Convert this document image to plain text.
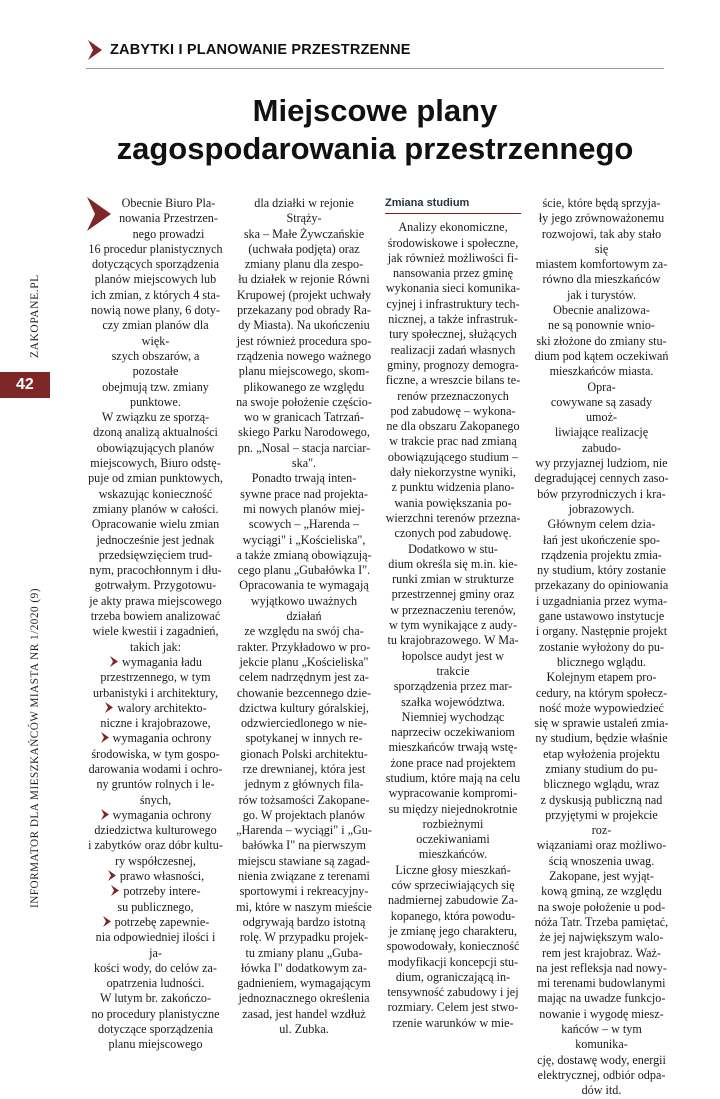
ZABYTKI I PLANOWANIE PRZESTRZENNE
Miejscowe plany
zagospodarowania przestrzennego
ZAKOPANE.PL
INFORMATOR DLA MIESZKAŃCÓW MIASTA NR 1/2020 (9)
42

Obecnie Biuro Pla-
nowania Przestrzen-
nego prowadzi
16 procedur planistycznych
dotyczących sporządzenia
planów miejscowych lub
ich zmian, z których 4 sta-
nowią nowe plany, 6 doty-
czy zmian planów dla więk-
szych obszarów, a pozostałe
obejmują tzw. zmiany
punktowe.

W związku ze sporzą-
dzoną analizą aktualności
obowiązujących planów
miejscowych, Biuro odstę-
puje od zmian punktowych,
wskazując konieczność
zmiany planów w całości.
Opracowanie wielu zmian
jednocześnie jest jednak
przedsięwzięciem trud-
nym, pracochłonnym i dłu-
gotrwałym. Przygotowu-
je akty prawa miejscowego
trzeba bowiem analizować
wiele kwestii i zagadnień,
takich jak:

wymagania ładu
przestrzennego, w tym
urbanistyki i architektury,

walory architekto-
niczne i krajobrazowe,

wymagania ochrony
środowiska, w tym gospo-
darowania wodami i ochro-
ny gruntów rolnych i le-
śnych,

wymagania ochrony
dziedzictwa kulturowego
i zabytków oraz dóbr kultu-
ry współczesnej,

prawo własności,

potrzeby intere-
su publicznego,

potrzebę zapewnie-
nia odpowiedniej ilości i ja-
kości wody, do celów za-
opatrzenia ludności.

W lutym br. zakończo-
no procedury planistyczne
dotyczące sporządzenia
planu miejscowego

dla działki w rejonie Strąży-
ska – Małe Żywczańskie
(uchwała podjęta) oraz
zmiany planu dla zespo-
łu działek w rejonie Równi
Krupowej (projekt uchwały
przekazany pod obrady Ra-
dy Miasta). Na ukończeniu
jest również procedura spo-
rządzenia nowego ważnego
planu miejscowego, skom-
plikowanego ze względu
na swoje położenie częścio-
wo w granicach Tatrzań-
skiego Parku Narodowego,
pn. „Nosal – stacja narciar-
ska".

Ponadto trwają inten-
sywne prace nad projekta-
mi nowych planów miej-
scowych – „Harenda –
wyciągi" i „Kościeliska",
a także zmianą obowiązują-
cego planu „Gubałówka I".
Opracowania te wymagają
wyjątkowo uważnych działań
ze względu na swój cha-
rakter. Przykładowo w pro-
jekcie planu „Kościeliska"
celem nadrzędnym jest za-
chowanie bezcennego dzie-
dzictwa kultury góralskiej,
odzwierciedlonego w nie-
spotykanej w innych re-
gionach Polski architektu-
rze drewnianej, która jest
jednym z głównych fila-
rów tożsamości Zakopane-
go. W projektach planów
„Harenda – wyciągi" i „Gu-
bałówka I" na pierwszym
miejscu stawiane są zagad-
nienia związane z terenami
sportowymi i rekreacyjny-
mi, które w naszym mieście
odgrywają bardzo istotną
rolę. W przypadku projek-
tu zmiany planu „Guba-
łówka I" dodatkowym za-
gadnieniem, wymagającym
jednoznacznego określenia
zasad, jest handel wzdłuż
ul. Zubka.

Zmiana studium

Analizy ekonomiczne,
środowiskowe i społeczne,
jak również możliwości fi-
nansowania przez gminę
wykonania sieci komunika-
cyjnej i infrastruktury tech-
nicznej, a także infrastruk-
tury społecznej, służących
realizacji zadań własnych
gminy, prognozy demogra-
ficzne, a wreszcie bilans te-
renów przeznaczonych
pod zabudowę – wykona-
ne dla obszaru Zakopanego
w trakcie prac nad zmianą
obowiązującego studium –
dały niekorzystne wyniki,
z punktu widzenia plano-
wania powiększania po-
wierzchni terenów przezna-
czonych pod zabudowę.

Dodatkowo w stu-
dium określa się m.in. kie-
runki zmian w strukturze
przestrzennej gminy oraz
w przeznaczeniu terenów,
w tym wynikające z audy-
tu krajobrazowego. W Ma-
łopolsce audyt jest w trakcie
sporządzenia przez mar-
szałka województwa.

Niemniej wychodząc
naprzeciw oczekiwaniom
mieszkańców trwają wstę-
żone prace nad projektem
studium, które mają na celu
wypracowanie kompromi-
su między niejednokrotnie
rozbieżnymi oczekiwaniami
mieszkańców.

Liczne głosy mieszkań-
ców sprzeciwiających się
nadmiernej zabudowie Za-
kopanego, która powodu-
je zmianę jego charakteru,
spowodowały, konieczność
modyfikacji koncepcji stu-
dium, ograniczającą in-
tensywność zabudowy i jej
rozmiary. Celem jest stwo-
rzenie warunków w mie-

ście, które będą sprzyja-
ły jego zrównoważonemu
rozwojowi, tak aby stało się
miastem komfortowym za-
równo dla mieszkańców
jak i turystów.

Obecnie analizowa-
ne są ponownie wnio-
ski złożone do zmiany stu-
dium pod kątem oczekiwań
mieszkańców miasta. Opra-
cowywane są zasady umoż-
liwiające realizację zabudo-
wy przyjaznej ludziom, nie
degradującej cennych zaso-
bów przyrodniczych i kra-
jobrazowych.

Głównym celem dzia-
łań jest ukończenie spo-
rządzenia projektu zmia-
ny studium, który zostanie
przekazany do opiniowania
i uzgadniania przez wyma-
gane ustawowo instytucje
i organy. Następnie projekt
zostanie wyłożony do pu-
blicznego wglądu.

Kolejnym etapem pro-
cedury, na którym społecz-
ność może wypowiedzieć
się w sprawie ustaleń zmia-
ny studium, będzie właśnie
etap wyłożenia projektu
zmiany studium do pu-
blicznego wglądu, wraz
z dyskusją publiczną nad
przyjętymi w projekcie roz-
wiązaniami oraz możliwo-
ścią wnoszenia uwag.

Zakopane, jest wyjąt-
kową gminą, ze względu
na swoje położenie u pod-
nóża Tatr. Trzeba pamiętać,
że jej największym walo-
rem jest krajobraz. Waż-
na jest refleksja nad nowy-
mi terenami budowlanymi
mając na uwadze funkcjo-
nowanie i wygodę miesz-
kańców – w tym komunika-
cję, dostawę wody, energii
elektrycznej, odbiór odpa-
dów itd.
